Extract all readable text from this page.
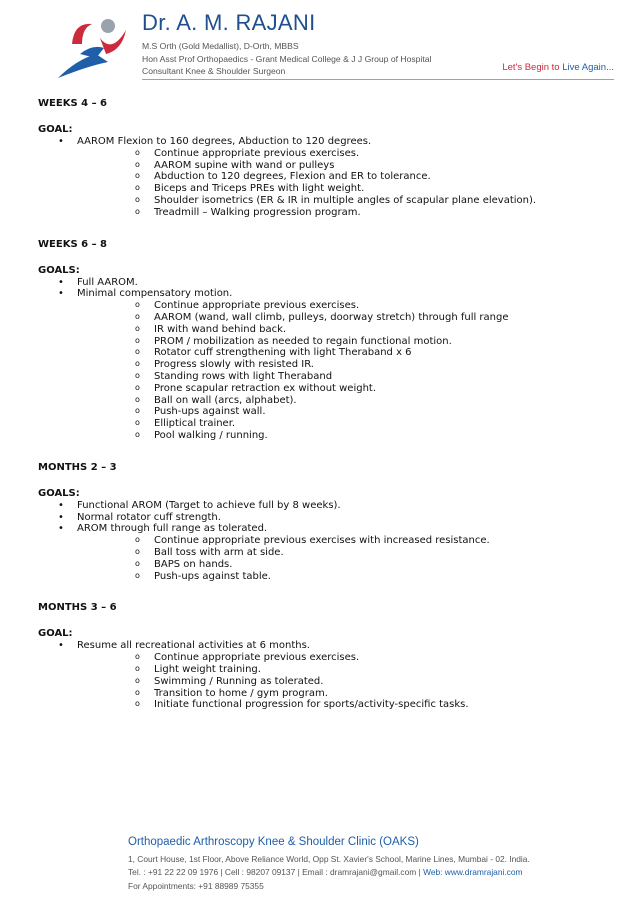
Dr. A. M. RAJANI
M.S Orth (Gold Medallist), D-Orth, MBBS
Hon Asst Prof Orthopaedics - Grant Medical College & J J Group of Hospital
Consultant Knee & Shoulder Surgeon	Let's Begin to Live Again...
WEEKS 4 – 6
GOAL:
• AAROM Flexion to 160 degrees, Abduction to 120 degrees.
o Continue appropriate previous exercises.
o AAROM supine with wand or pulleys
o Abduction to 120 degrees, Flexion and ER to tolerance.
o Biceps and Triceps PREs with light weight.
o Shoulder isometrics (ER & IR in multiple angles of scapular plane elevation).
o Treadmill – Walking progression program.
WEEKS 6 – 8
GOALS:
• Full AAROM.
• Minimal compensatory motion.
o Continue appropriate previous exercises.
o AAROM (wand, wall climb, pulleys, doorway stretch) through full range
o IR with wand behind back.
o PROM / mobilization as needed to regain functional motion.
o Rotator cuff strengthening with light Theraband x 6
o Progress slowly with resisted IR.
o Standing rows with light Theraband
o Prone scapular retraction ex without weight.
o Ball on wall (arcs, alphabet).
o Push-ups against wall.
o Elliptical trainer.
o Pool walking / running.
MONTHS 2 – 3
GOALS:
• Functional AROM (Target to achieve full by 8 weeks).
• Normal rotator cuff strength.
• AROM through full range as tolerated.
o Continue appropriate previous exercises with increased resistance.
o Ball toss with arm at side.
o BAPS on hands.
o Push-ups against table.
MONTHS 3 – 6
GOAL:
• Resume all recreational activities at 6 months.
o Continue appropriate previous exercises.
o Light weight training.
o Swimming / Running as tolerated.
o Transition to home / gym program.
o Initiate functional progression for sports/activity-specific tasks.
Orthopaedic Arthroscopy Knee & Shoulder Clinic (OAKS)
1, Court House, 1st Floor, Above Reliance World, Opp St. Xavier's School, Marine Lines, Mumbai - 02. India.
Tel. : +91 22 22 09 1976 | Cell : 98207 09137 | Email : dramrajani@gmail.com | Web: www.dramrajani.com
For Appointments: +91 88989 75355
